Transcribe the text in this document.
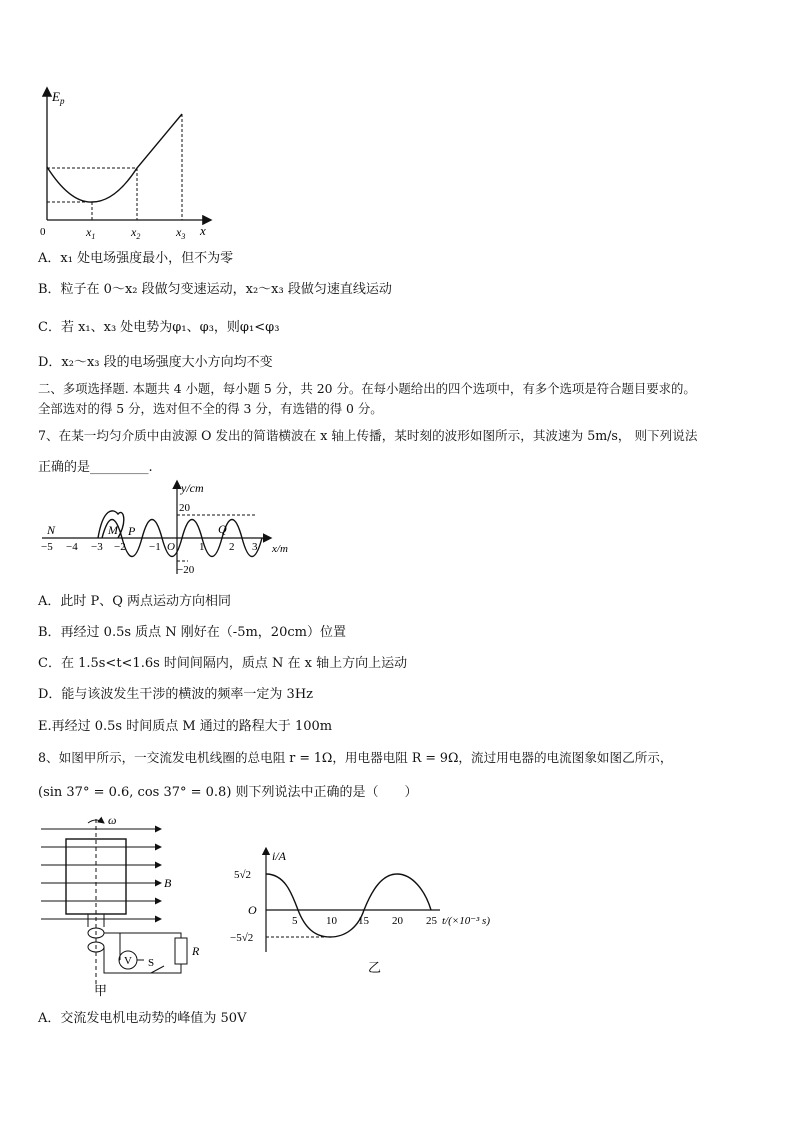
$E_p$
0	$x_1$	$x_2$	$x_3$ x
A．x₁ 处电场强度最小，但不为零
B．粒子在 0～x₂ 段做匀变速运动，x₂～x₃ 段做匀速直线运动
C．若 x₁、x₃ 处电势为φ₁、φ₃，则φ₁<φ₃
D．x₂～x₃ 段的电场强度大小方向均不变
二、多项选择题. 本题共 4 小题，每小题 5 分，共 20 分。在每小题给出的四个选项中，有多个选项是符合题目要求的。
全部选对的得 5 分，选对但不全的得 3 分，有选错的得 0 分。
7、在某一均匀介质中由波源 O 发出的简谐横波在 x 轴上传播，某时刻的波形如图所示，其波速为 5m/s， 则下列说法
正确的是_________.
y/cm
20
−20
x/m
−5 −4 −3 −2 −1 O 1 2 3
N	M P	Q
A．此时 P、Q 两点运动方向相同
B．再经过 0.5s 质点 N 刚好在（-5m，20cm）位置
C．在 1.5s<t<1.6s 时间间隔内，质点 N 在 x 轴上方向上运动
D．能与该波发生干涉的横波的频率一定为 3Hz
E.再经过 0.5s 时间质点 M 通过的路程大于 100m
8、如图甲所示，一交流发电机线圈的总电阻 r = 1Ω，用电器电阻 R = 9Ω，流过用电器的电流图象如图乙所示，
(sin 37° = 0.6, cos 37° = 0.8) 则下列说法中正确的是（　　）
ω
B
V S
R
甲
i/A
5√2
O
−5√2
5	10 15 20 25 t/(×10⁻³ s)
乙
A．交流发电机电动势的峰值为 50V
